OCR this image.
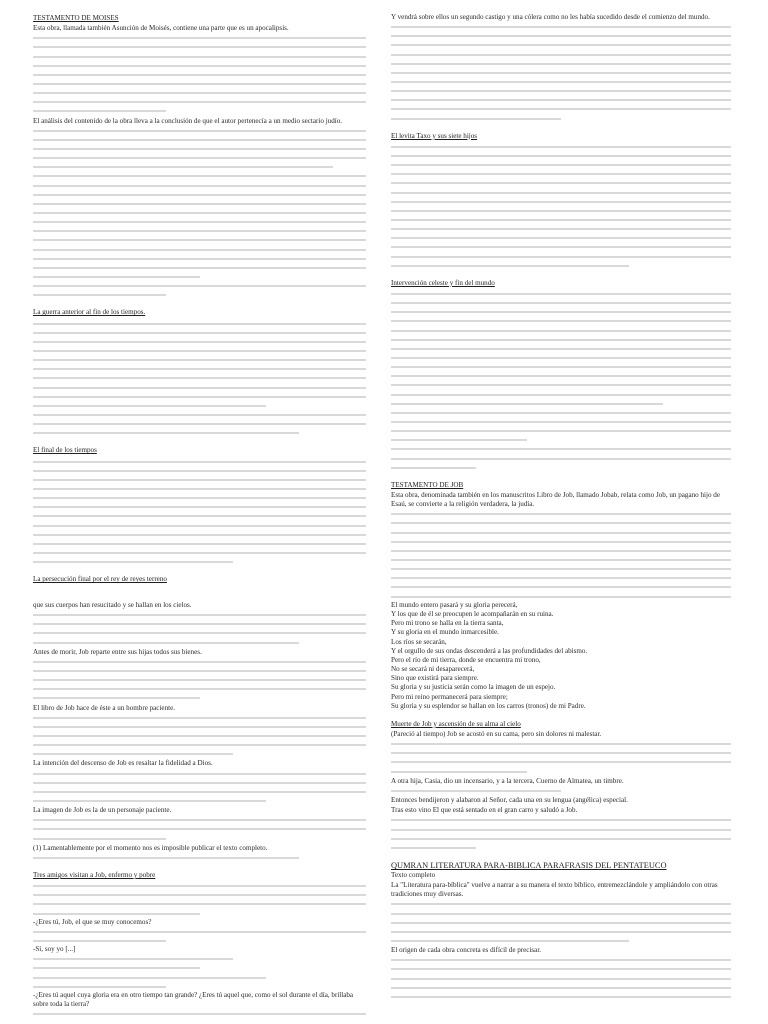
TESTAMENTO DE MOISES
Esta obra, llamada también Asunción de Moisés, contiene una parte que es un apocalipsis.
El análisis del contenido de la obra lleva a la conclusión de que el autor pertenecía a un medio sectario judío.
La guerra anterior al fin de los tiempos.
El final de los tiempos
La persecución final por el rey de reyes terreno
Y vendrá sobre ellos un segundo castigo y una cólera como no les había sucedido desde el comienzo del mundo.
El levita Taxo y sus siete hijos
Intervención celeste y fin del mundo
TESTAMENTO DE JOB
Esta obra, denominada también en los manuscritos Libro de Job, llamado Jobab, relata como Job, un pagano hijo de Esaú, se convierte a la religión verdadera, la judía.
que sus cuerpos han resucitado y se hallan en los cielos.
Antes de morir, Job reparte entre sus hijas todos sus bienes.
El libro de Job hace de éste a un hombre paciente.
La intención del descenso de Job es resaltar la fidelidad a Dios.
La imagen de Job es la de un personaje paciente.
(1) Lamentablemente por el momento nos es imposible publicar el texto completo.
Tres amigos visitan a Job, enfermo y pobre
-¿Eres tú, Job, el que se muy conocemos?
-Sí, soy yo [...]
-¿Eres tú aquel cuya gloria era en otro tiempo tan grande? ¿Eres tú aquel que, como el sol durante el día, brillaba sobre toda la tierra?
El mundo entero pasará y su gloria perecerá,
Y los que de él se preocupen le acompañarán en su ruina.
Pero mi trono se halla en la tierra santa,
Y su gloria en el mundo inmarcesible.
Los ríos se secarán,
Y el orgullo de sus ondas descenderá a las profundidades del abismo.
Pero el río de mi tierra, donde se encuentra mi trono,
No se secará ni desaparecerá,
Sino que existirá para siempre.
Su gloria y su justicia serán como la imagen de un espejo.
Pero mi reino permanecerá para siempre;
Su gloria y su esplendor se hallan en los carros (tronos) de mi Padre.
Muerte de Job y ascensión de su alma al cielo
(Pareció al tiempo) Job se acostó en su cama, pero sin dolores ni malestar.
A otra hija, Casia, dio un incensario, y a la tercera, Cuerno de Almatea, un timbre.
Entonces bendijeron y alabaron al Señor, cada una en su lengua (angélica) especial.
Tras esto vino El que está sentado en el gran carro y saludó a Job.
QUMRAN LITERATURA PARA-BIBLICA PARAFRASIS DEL PENTATEUCO
Texto completo
La "Literatura para-bíblica" vuelve a narrar a su manera el texto bíblico, entremezclándole y ampliándolo con otras tradiciones muy diversas.
El origen de cada obra concreta es difícil de precisar.
